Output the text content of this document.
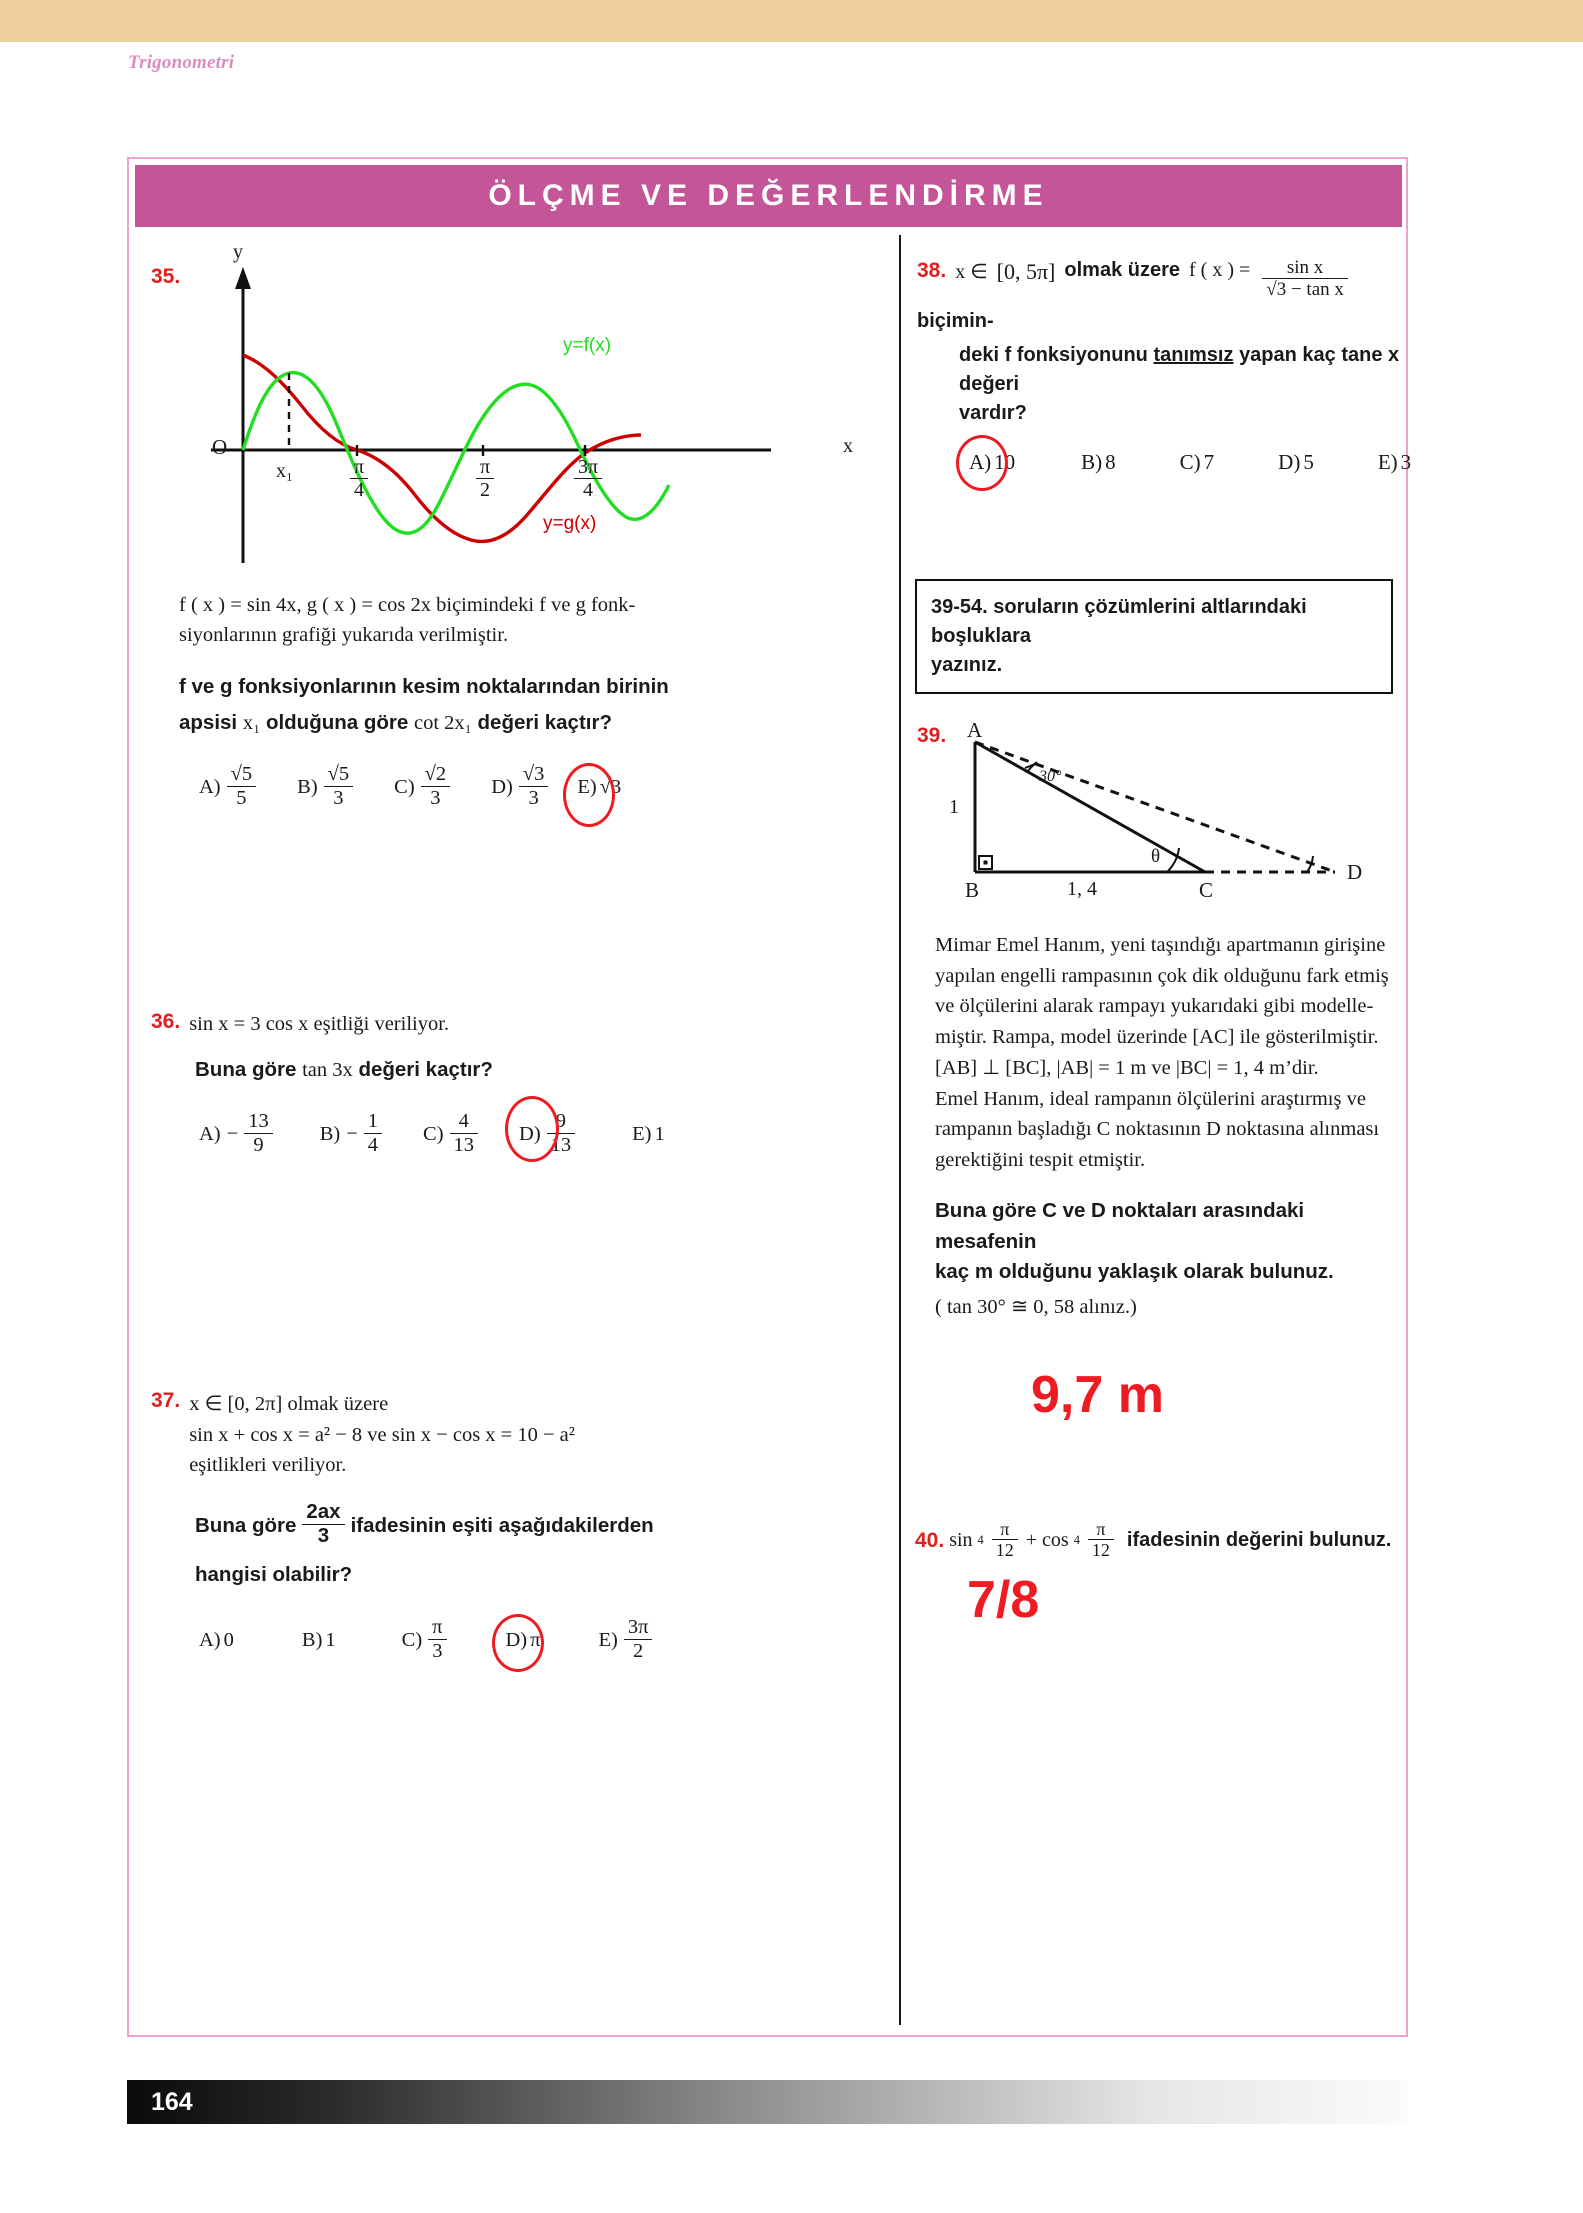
Trigonometri
ÖLÇME VE DEĞERLENDİRME
35.
y
x
O
x₁	$\frac{\pi}{4}$	$\frac{\pi}{2}$	$\frac{3\pi}{4}$
y=f(x)
y=g(x)
f ( x ) = sin 4x, g ( x ) = cos 2x biçimindeki f ve g fonk-
siyonlarının grafiği yukarıda verilmiştir.
f ve g fonksiyonlarının kesim noktalarından birinin
apsisi x₁ olduğuna göre cot 2x₁ değeri kaçtır?
$A) \frac{√5}{5} B) \frac{√5}{3} C) \frac{√2}{3} D) \frac{√3}{3} E$) √3
36. sin x = 3 cos x eşitliği veriliyor.
Buna göre tan 3x değeri kaçtır?
$A) - \frac{13}{9} B) - \frac{1}{4} C) \frac{4}{13} D) \frac{9}{13}$	E) 1
37. x ∈ [0, 2π] olmak üzere
sin x + cos x = a² − 8 ve sin x − cos x = 10 − a²
eşitlikleri veriliyor.
Buna göre $\frac{2ax}{3}$ ifadesinin eşiti aşağıdakilerden
hangisi olabilir?
A) 0	B) 1	$C) \frac{\pi}{3}$	D) π	$E) \frac{3\pi}{2}$
38. x ∈ [0, 5π] olmak üzere f ( x ) = $\frac{\text{sin x}}{\text{√3 − tan x}}$
biçimin-
deki f fonksiyonunu tanımsız yapan kaç tane x değeri
vardır?
A) 10	B) 8	C) 7	D) 5	E) 3
39-54. soruların çözümlerini altlarındaki boşluklara
yazınız.
39. A
B	C
D
1
1, 4
30°
θ
Mimar Emel Hanım, yeni taşındığı apartmanın girişine
yapılan engelli rampasının çok dik olduğunu fark etmiş
ve ölçülerini alarak rampayı yukarıdaki gibi modelle-
miştir. Rampa, model üzerinde [AC] ile gösterilmiştir.
[AB] ⊥ [BC], |AB| = 1 m ve |BC| = 1, 4 m’dir.
Emel Hanım, ideal rampanın ölçülerini araştırmış ve
rampanın başladığı C noktasının D noktasına alınması
gerektiğini tespit etmiştir.
Buna göre C ve D noktaları arasındaki mesafenin
kaç m olduğunu yaklaşık olarak bulunuz.
( tan 30° ≅ 0, 58 alınız.)
9,7 m
40. $\sin 4 \frac{\pi}{12} + \cos 4 \frac{\pi}{12}$ ifadesinin değerini bulunuz.
7/8
164
